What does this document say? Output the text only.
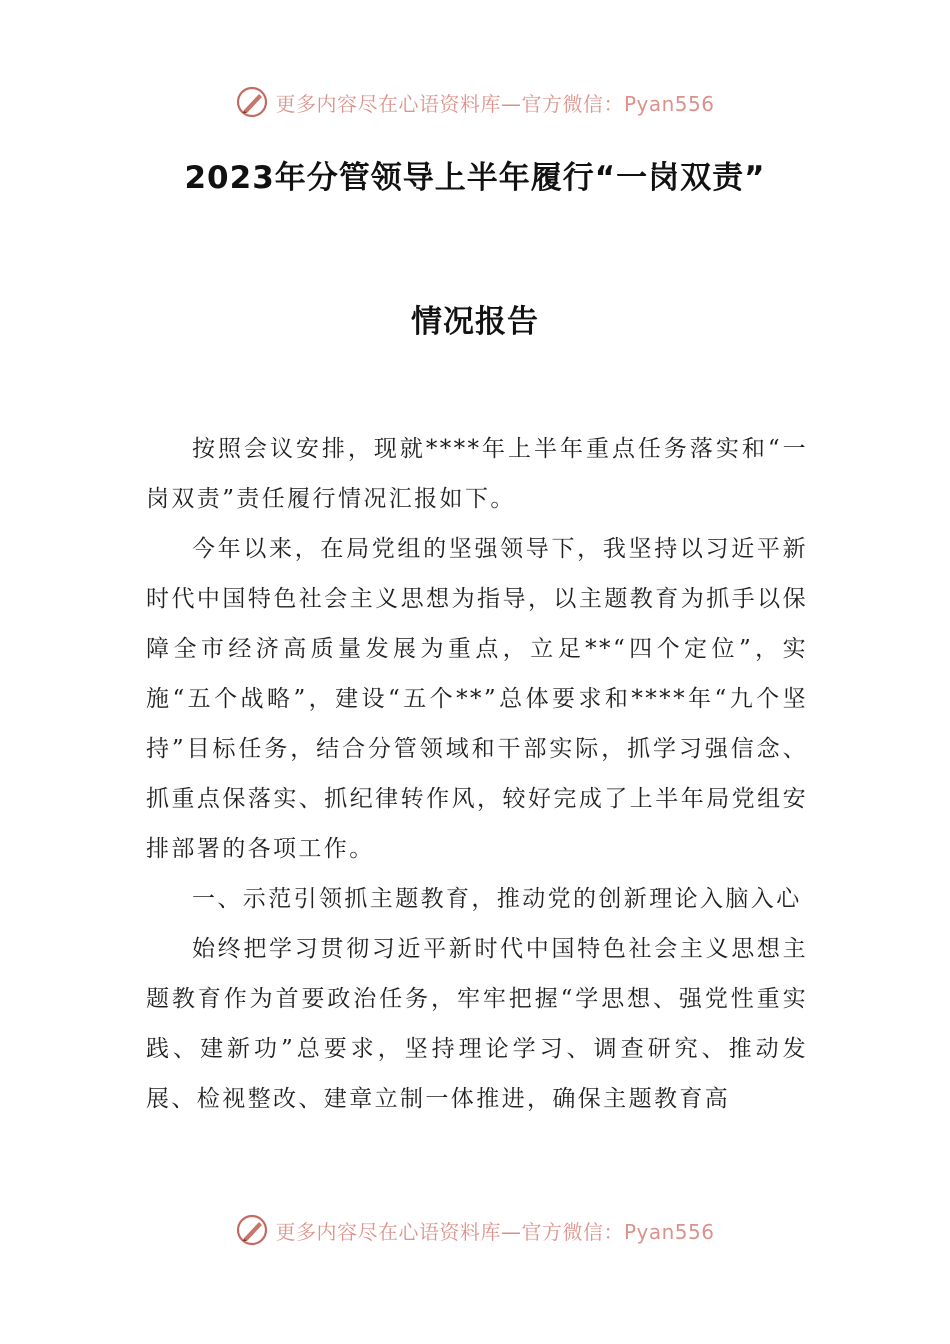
更多内容尽在心语资料库—官方微信：Pyan556
2023年分管领导上半年履行“一岗双责”
情况报告

按照会议安排，现就****年上半年重点任务落实和“一岗双责”责任履行情况汇报如下。

今年以来，在局党组的坚强领导下，我坚持以习近平新时代中国特色社会主义思想为指导，以主题教育为抓手以保障全市经济高质量发展为重点，立足**“四个定位”，实施“五个战略”，建设“五个**”总体要求和****年“九个坚持”目标任务，结合分管领域和干部实际，抓学习强信念、抓重点保落实、抓纪律转作风，较好完成了上半年局党组安排部署的各项工作。

一、示范引领抓主题教育，推动党的创新理论入脑入心

始终把学习贯彻习近平新时代中国特色社会主义思想主题教育作为首要政治任务，牢牢把握“学思想、强党性重实践、建新功”总要求，坚持理论学习、调查研究、推动发展、检视整改、建章立制一体推进，确保主题教育高

更多内容尽在心语资料库—官方微信：Pyan556
